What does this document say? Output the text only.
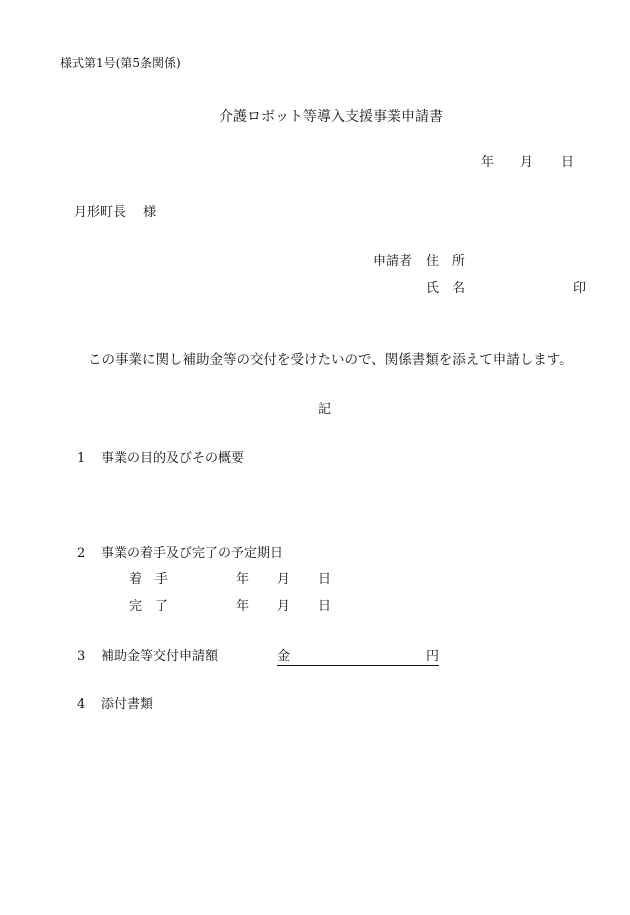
様式第1号(第5条関係)
介護ロボット等導入支援事業申請書
年 月 日
月形町長　 様
申請者 住所
氏名	印
この事業に関し補助金等の交付を受けたいので、関係書類を添えて申請します。
記
1 事業の目的及びその概要
2 事業の着手及び完了の予定期日
着手	年 月 日
完了	年 月 日
3 補助金等交付申請額	金	円

4 添付書類
